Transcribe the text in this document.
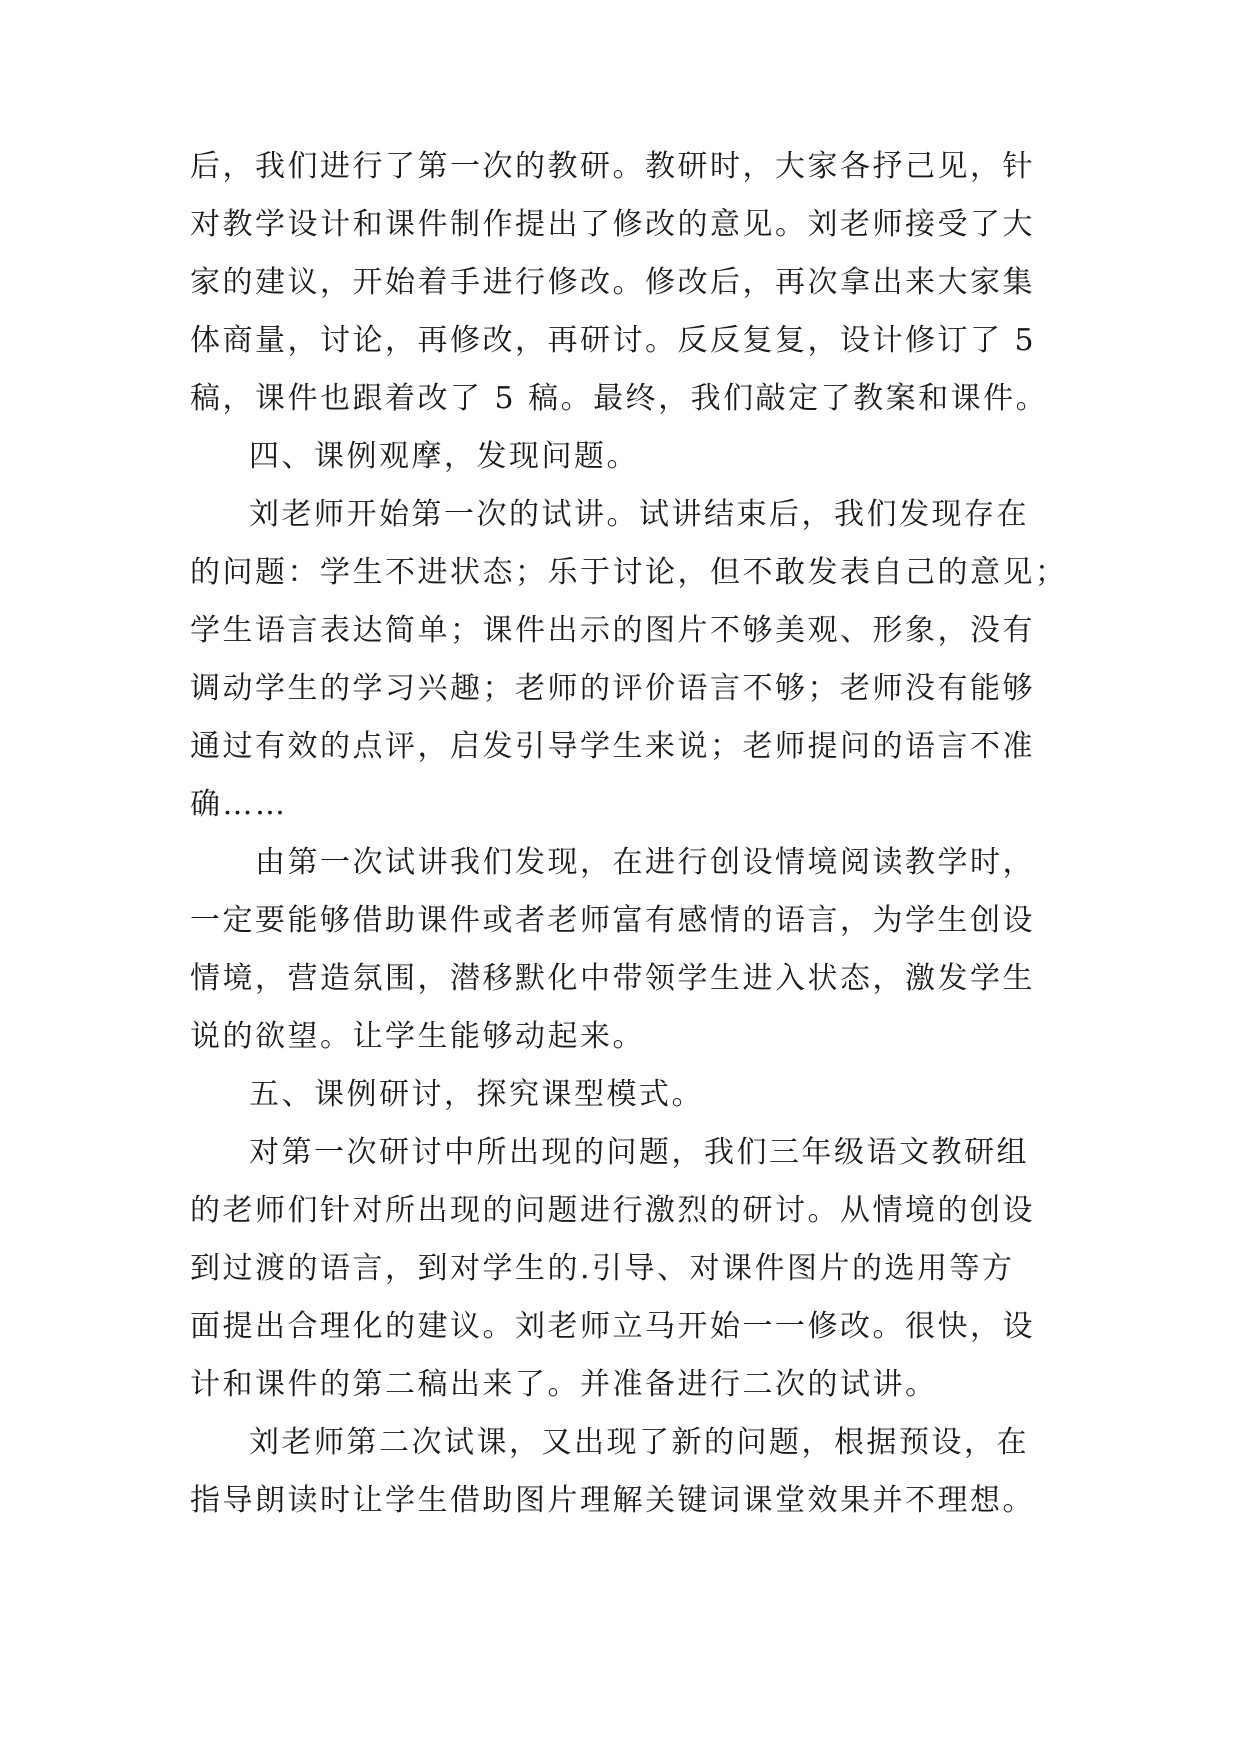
后，我们进行了第一次的教研。教研时，大家各抒己见，针

对教学设计和课件制作提出了修改的意见。刘老师接受了大

家的建议，开始着手进行修改。修改后，再次拿出来大家集

体商量，讨论，再修改，再研讨。反反复复，设计修订了 5

稿，课件也跟着改了 5 稿。最终，我们敲定了教案和课件。

四、课例观摩，发现问题。

刘老师开始第一次的试讲。试讲结束后，我们发现存在

的问题：学生不进状态；乐于讨论，但不敢发表自己的意见；

学生语言表达简单；课件出示的图片不够美观、形象，没有

调动学生的学习兴趣；老师的评价语言不够；老师没有能够

通过有效的点评，启发引导学生来说；老师提问的语言不准

确……

由第一次试讲我们发现，在进行创设情境阅读教学时，

一定要能够借助课件或者老师富有感情的语言，为学生创设

情境，营造氛围，潜移默化中带领学生进入状态，激发学生

说的欲望。让学生能够动起来。

五、课例研讨，探究课型模式。

对第一次研讨中所出现的问题，我们三年级语文教研组

的老师们针对所出现的问题进行激烈的研讨。从情境的创设

到过渡的语言，到对学生的.引导、对课件图片的选用等方

面提出合理化的建议。刘老师立马开始一一修改。很快，设

计和课件的第二稿出来了。并准备进行二次的试讲。

刘老师第二次试课，又出现了新的问题，根据预设，在

指导朗读时让学生借助图片理解关键词课堂效果并不理想。
